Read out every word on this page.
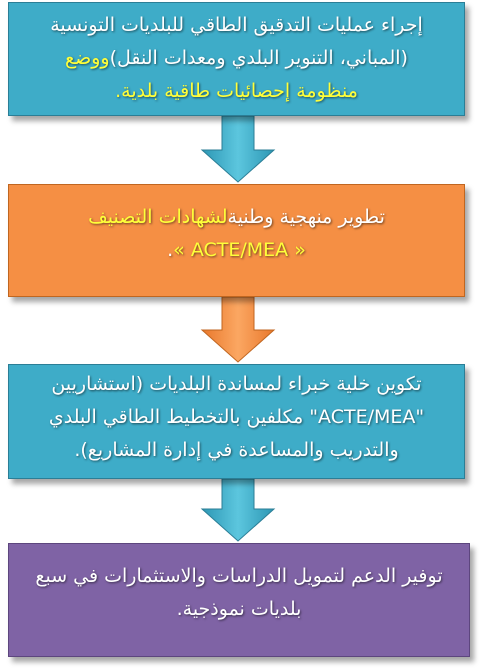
إجراء عمليات التدقيق الطاقي للبلديات التونسية
(المباني، التنوير البلدي ومعدات النقل)ووضع
منظومة إحصائيات طاقية بلدية.
تطوير منهجية وطنيةلشهادات التصنيف
« ACTE/MEA ».
تكوين خلية خبراء لمساندة البلديات (استشاريين
"ACTE/MEA" مكلفين بالتخطيط الطاقي البلدي
والتدريب والمساعدة في إدارة المشاريع).
توفير الدعم لتمويل الدراسات والاستثمارات في سبع
بلديات نموذجية.
